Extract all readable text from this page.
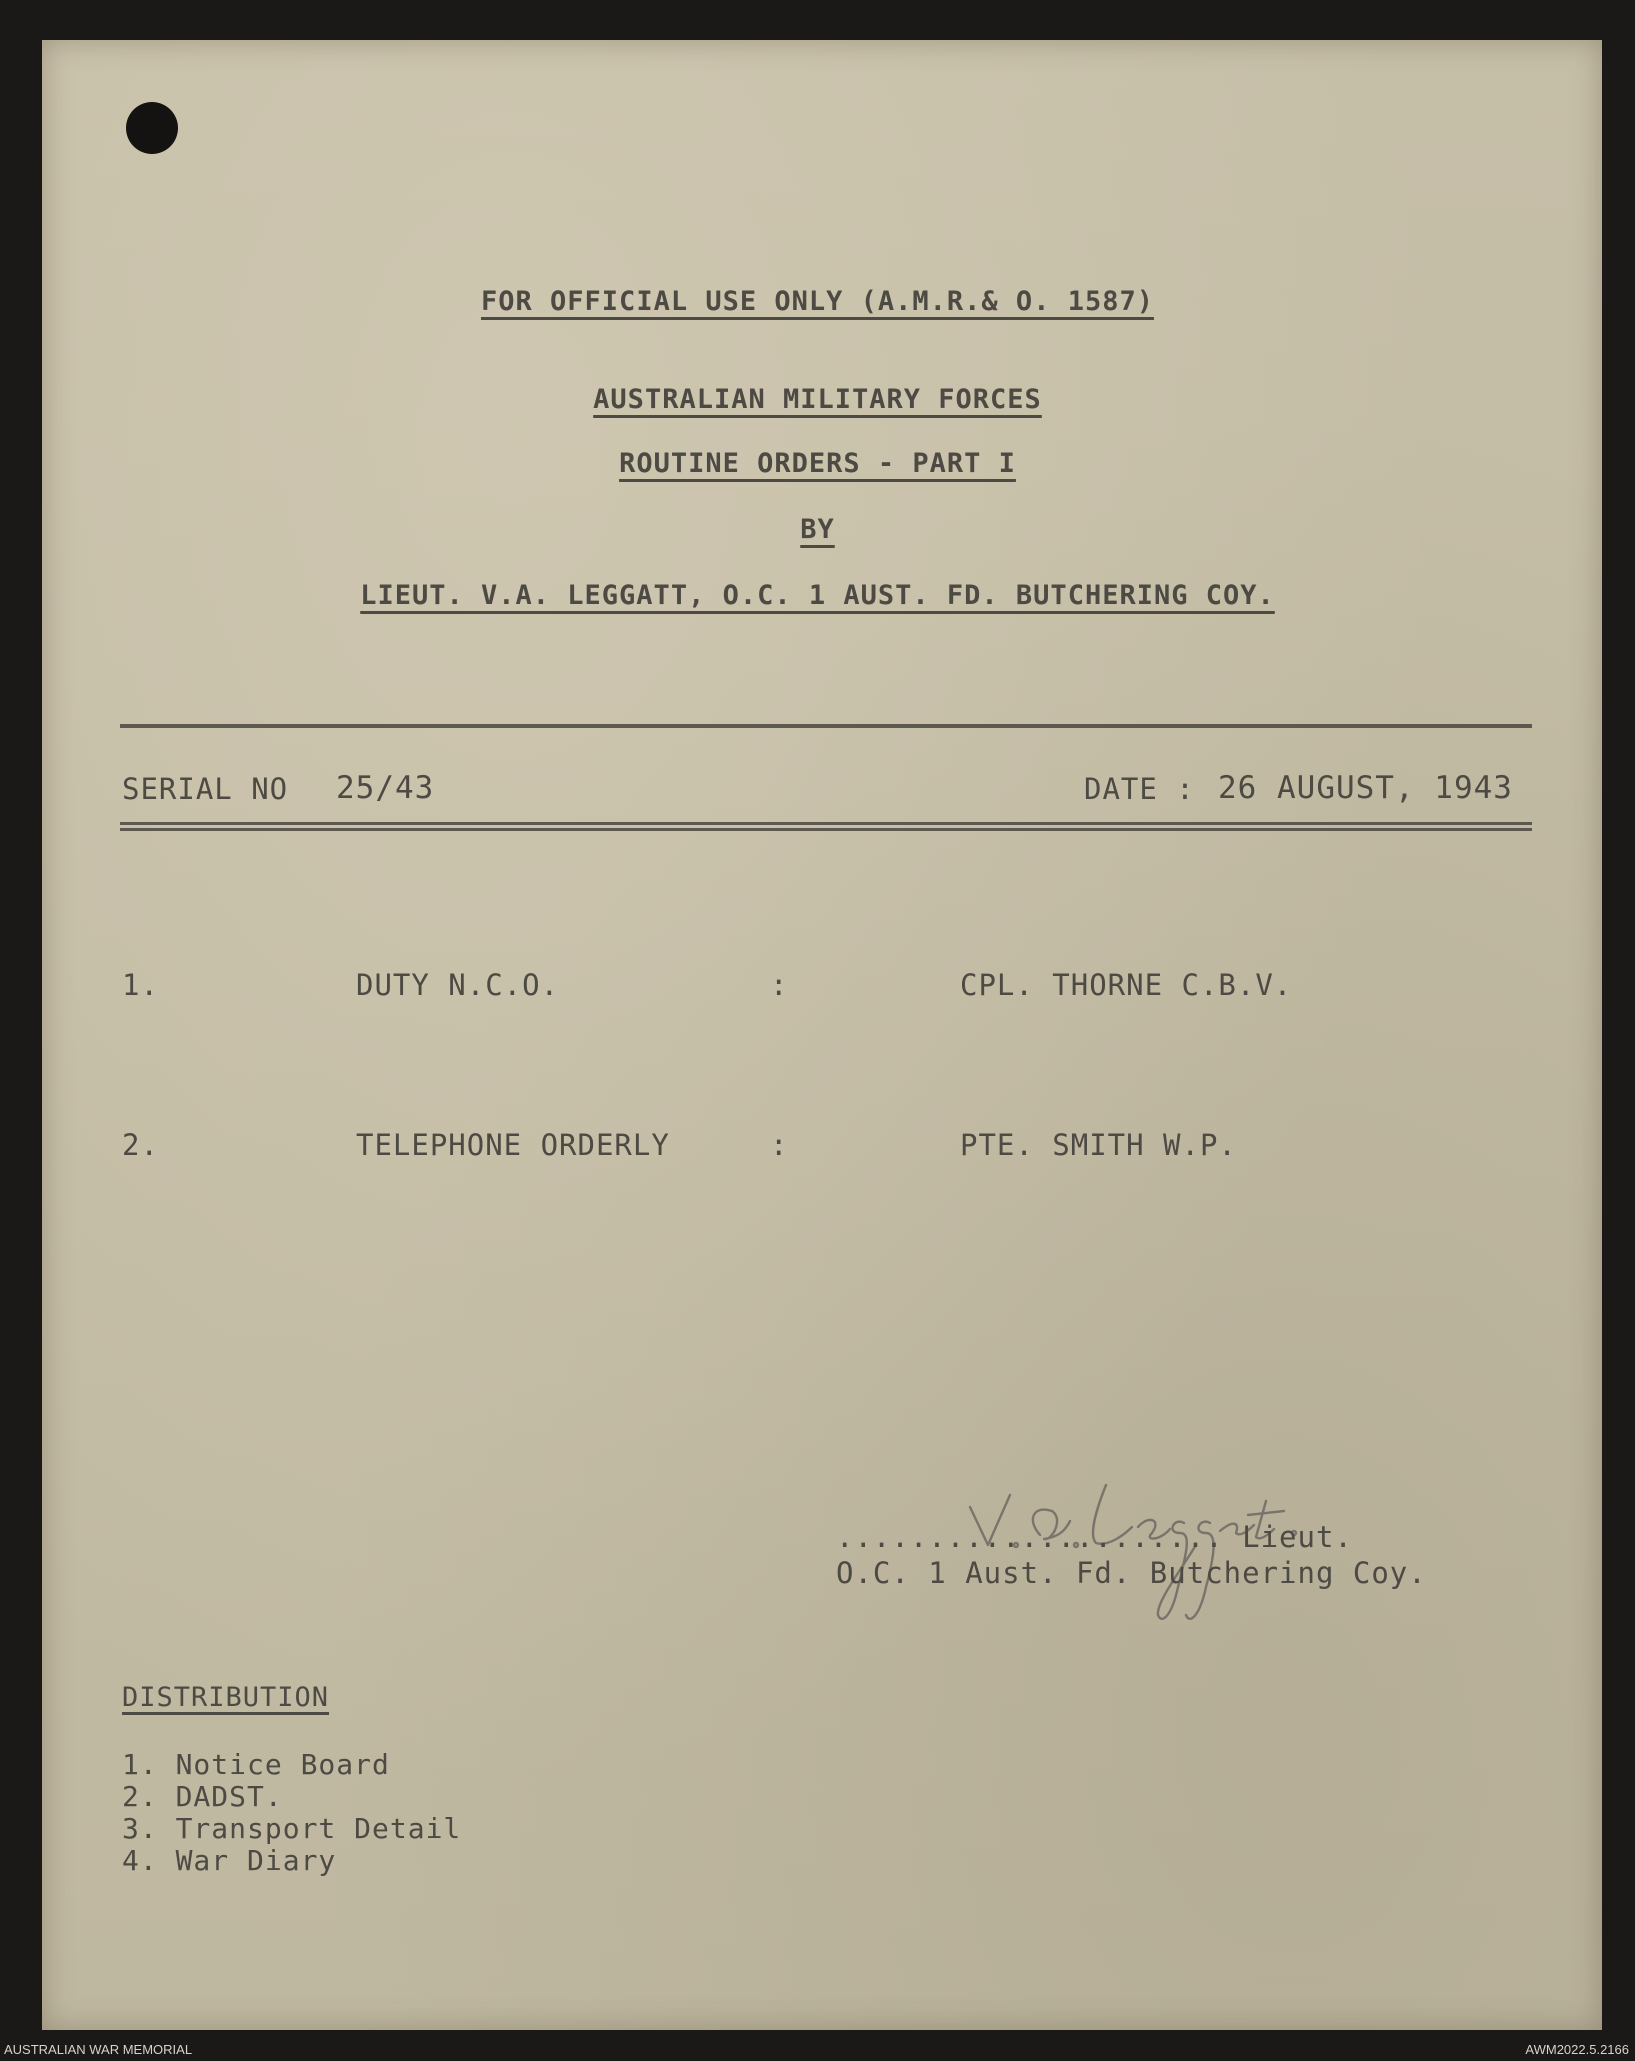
FOR OFFICIAL USE ONLY (A.M.R.& O. 1587)
AUSTRALIAN MILITARY FORCES
ROUTINE ORDERS - PART I
BY
LIEUT. V.A. LEGGATT, O.C. 1 AUST. FD. BUTCHERING COY.
SERIAL NO 25/43	DATE : 26 AUGUST, 1943
1.	DUTY N.C.O.	:	CPL. THORNE C.B.V.
2.	TELEPHONE ORDERLY	:	PTE. SMITH W.P.
..................... Lieut.
O.C. 1 Aust. Fd. Butchering Coy.
DISTRIBUTION
1. Notice Board
2. DADST.
3. Transport Detail
4. War Diary
AUSTRALIAN WAR MEMORIAL	AWM2022.5.2166
